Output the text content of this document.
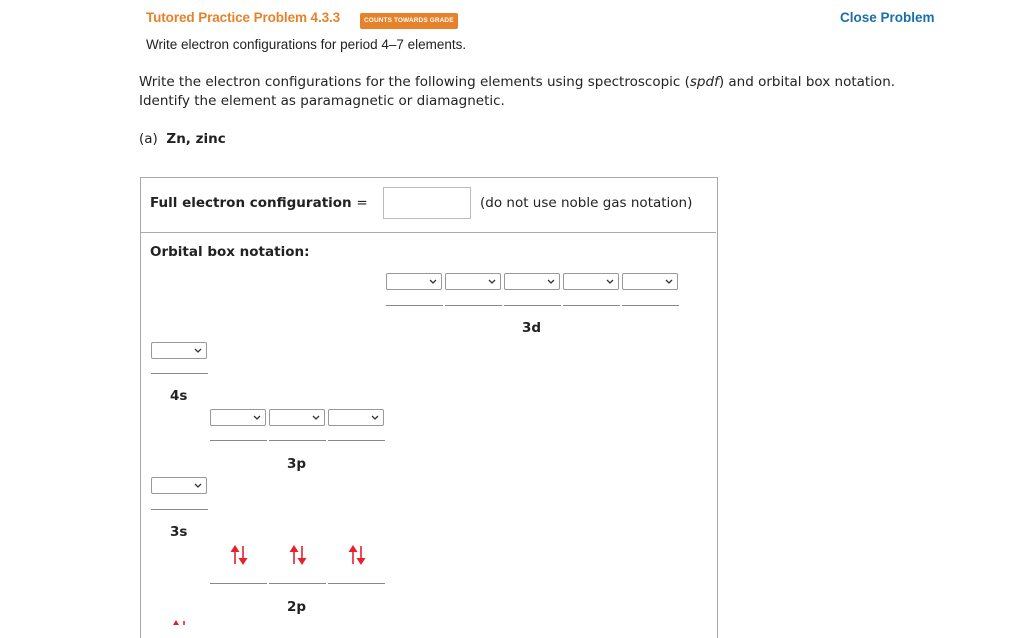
Tutored Practice Problem 4.3.3	COUNTS TOWARDS GRADE	Close Problem
Write electron configurations for period 4–7 elements.
Write the electron configurations for the following elements using spectroscopic (spdf) and orbital box notation. Identify the element as paramagnetic or diamagnetic.
(a) Zn, zinc
Full electron configuration =	(do not use noble gas notation)
Orbital box notation:
3d
4s
3p
3s
2p
